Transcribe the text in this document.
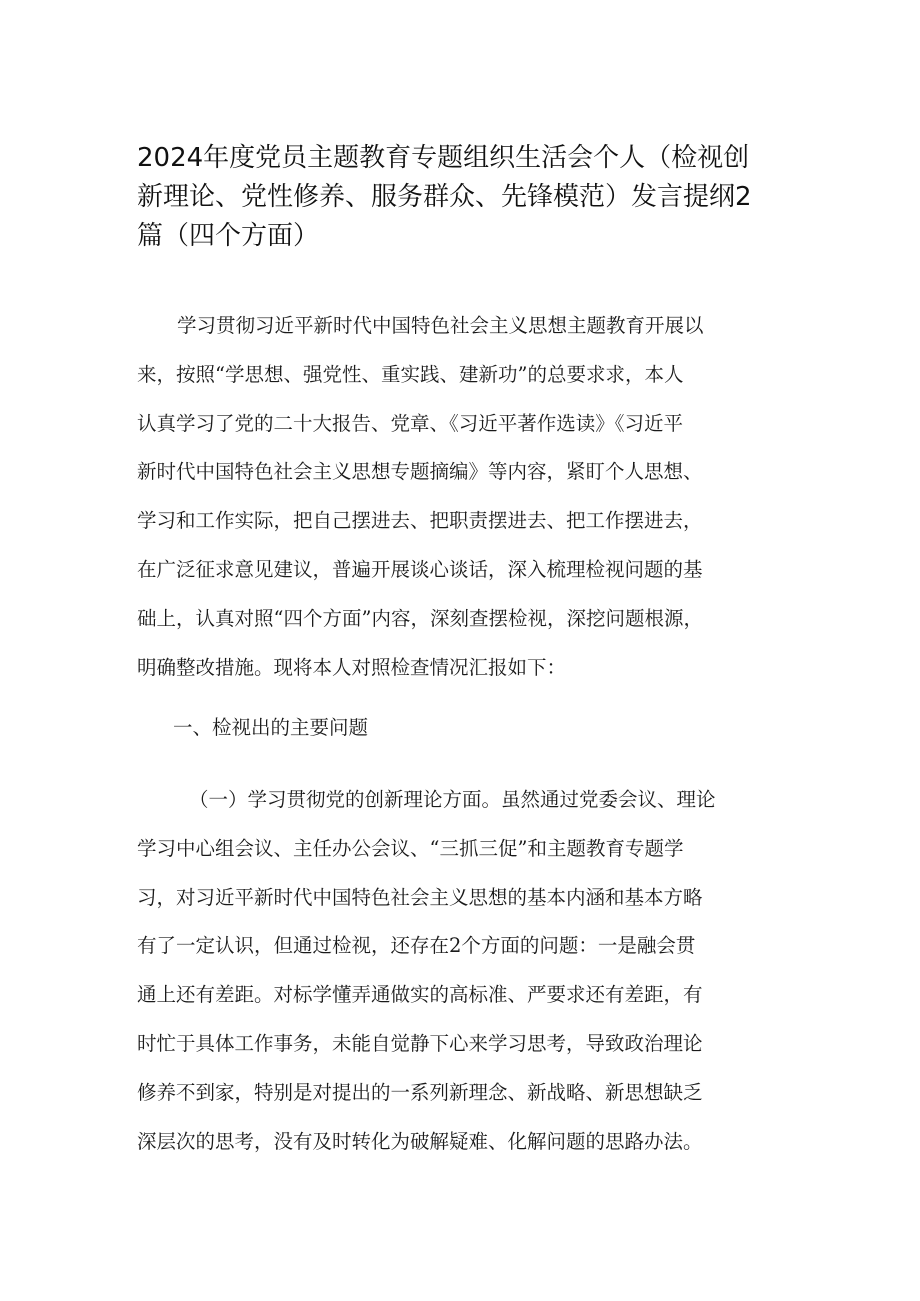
2024年度党员主题教育专题组织生活会个人（检视创
新理论、党性修养、服务群众、先锋模范）发言提纲2
篇（四个方面）
学习贯彻习近平新时代中国特色社会主义思想主题教育开展以
来，按照“学思想、强党性、重实践、建新功”的总要求求，本人
认真学习了党的二十大报告、党章、《习近平著作选读》《习近平
新时代中国特色社会主义思想专题摘编》等内容，紧盯个人思想、
学习和工作实际，把自己摆进去、把职责摆进去、把工作摆进去，
在广泛征求意见建议，普遍开展谈心谈话，深入梳理检视问题的基
础上，认真对照“四个方面”内容，深刻查摆检视，深挖问题根源，
明确整改措施。现将本人对照检查情况汇报如下：
一、检视出的主要问题
（一）学习贯彻党的创新理论方面。虽然通过党委会议、理论
学习中心组会议、主任办公会议、“三抓三促”和主题教育专题学
习，对习近平新时代中国特色社会主义思想的基本内涵和基本方略
有了一定认识，但通过检视，还存在2个方面的问题：一是融会贯
通上还有差距。对标学懂弄通做实的高标准、严要求还有差距，有
时忙于具体工作事务，未能自觉静下心来学习思考，导致政治理论
修养不到家，特别是对提出的一系列新理念、新战略、新思想缺乏
深层次的思考，没有及时转化为破解疑难、化解问题的思路办法。
